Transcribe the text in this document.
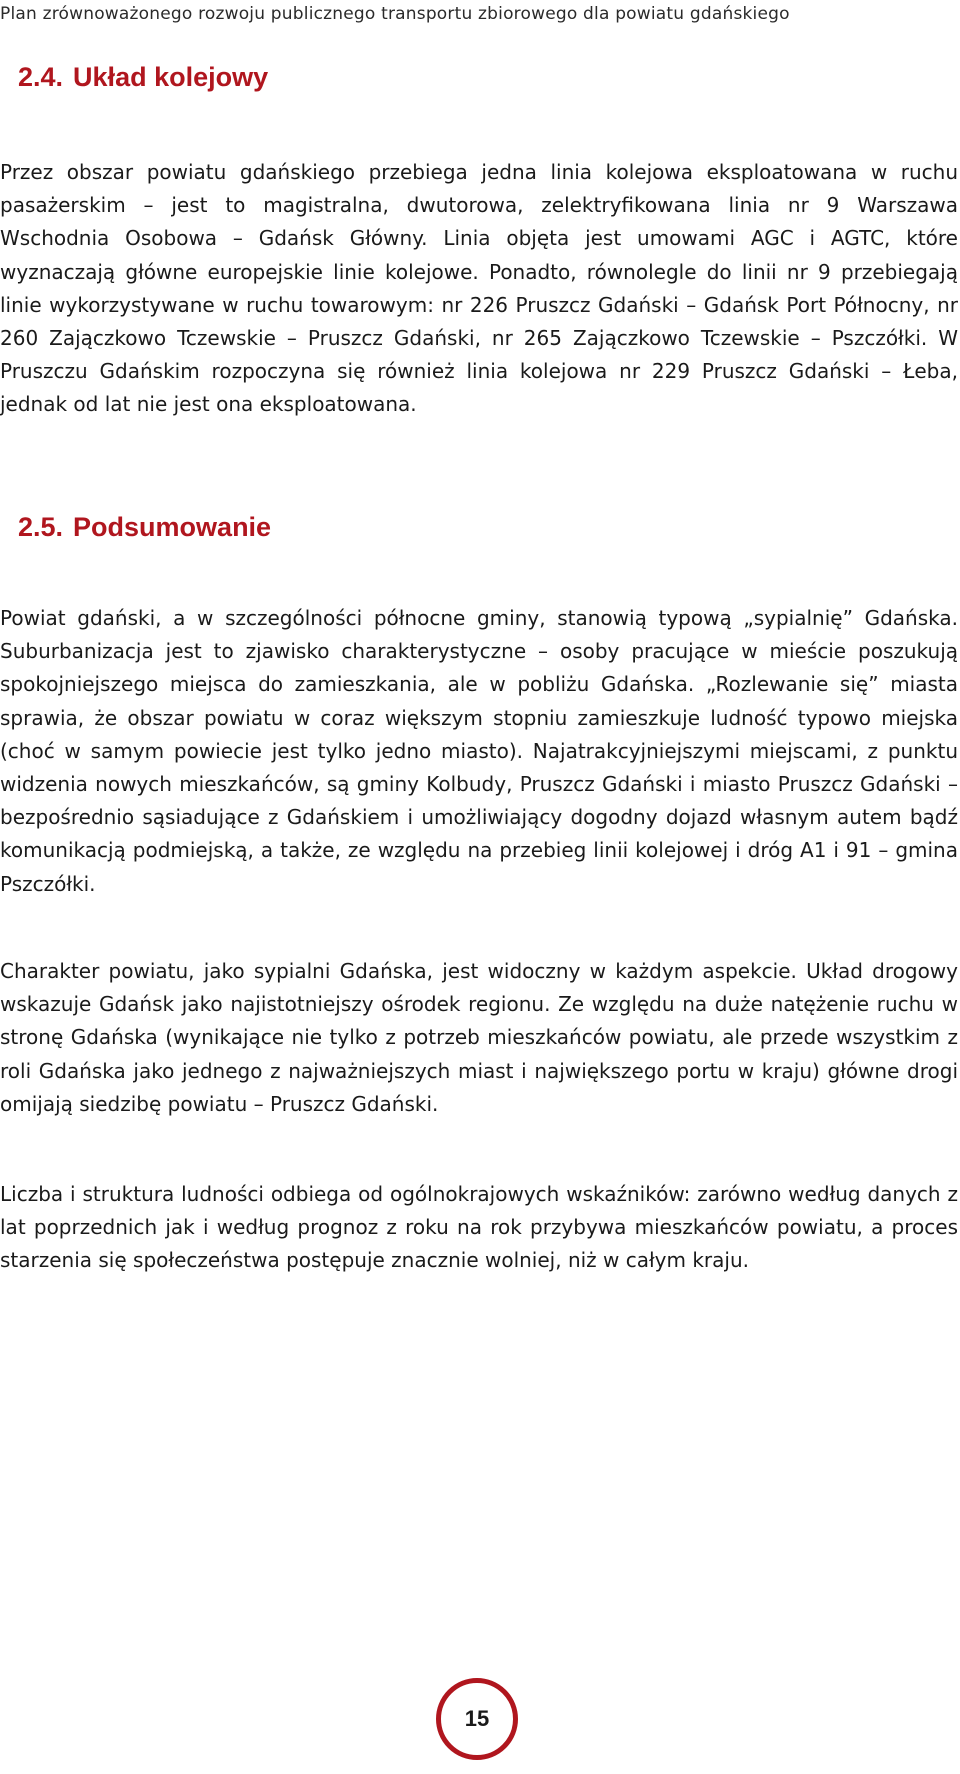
Plan zrównoważonego rozwoju publicznego transportu zbiorowego dla powiatu gdańskiego
2.4. Układ kolejowy

Przez obszar powiatu gdańskiego przebiega jedna linia kolejowa eksploatowana w ruchu pasażerskim – jest to magistralna, dwutorowa, zelektryfikowana linia nr 9 Warszawa Wschodnia Osobowa – Gdańsk Główny. Linia objęta jest umowami AGC i AGTC, które wyznaczają główne europejskie linie kolejowe. Ponadto, równolegle do linii nr 9 przebiegają linie wykorzystywane w ruchu towarowym: nr 226 Pruszcz Gdański – Gdańsk Port Północny, nr 260 Zajączkowo Tczewskie – Pruszcz Gdański, nr 265 Zajączkowo Tczewskie – Pszczółki. W Pruszczu Gdańskim rozpoczyna się również linia kolejowa nr 229 Pruszcz Gdański – Łeba, jednak od lat nie jest ona eksploatowana.

2.5. Podsumowanie

Powiat gdański, a w szczególności północne gminy, stanowią typową „sypialnię” Gdańska. Suburbanizacja jest to zjawisko charakterystyczne – osoby pracujące w mieście poszukują spokojniejszego miejsca do zamieszkania, ale w pobliżu Gdańska. „Rozlewanie się” miasta sprawia, że obszar powiatu w coraz większym stopniu zamieszkuje ludność typowo miejska (choć w samym powiecie jest tylko jedno miasto). Najatrakcyjniejszymi miejscami, z punktu widzenia nowych mieszkańców, są gminy Kolbudy, Pruszcz Gdański i miasto Pruszcz Gdański – bezpośrednio sąsiadujące z Gdańskiem i umożliwiający dogodny dojazd własnym autem bądź komunikacją podmiejską, a także, ze względu na przebieg linii kolejowej i dróg A1 i 91 – gmina Pszczółki.

Charakter powiatu, jako sypialni Gdańska, jest widoczny w każdym aspekcie. Układ drogowy wskazuje Gdańsk jako najistotniejszy ośrodek regionu. Ze względu na duże natężenie ruchu w stronę Gdańska (wynikające nie tylko z potrzeb mieszkańców powiatu, ale przede wszystkim z roli Gdańska jako jednego z najważniejszych miast i największego portu w kraju) główne drogi omijają siedzibę powiatu – Pruszcz Gdański.

Liczba i struktura ludności odbiega od ogólnokrajowych wskaźników: zarówno według danych z lat poprzednich jak i według prognoz z roku na rok przybywa mieszkańców powiatu, a proces starzenia się społeczeństwa postępuje znacznie wolniej, niż w całym kraju.

15
